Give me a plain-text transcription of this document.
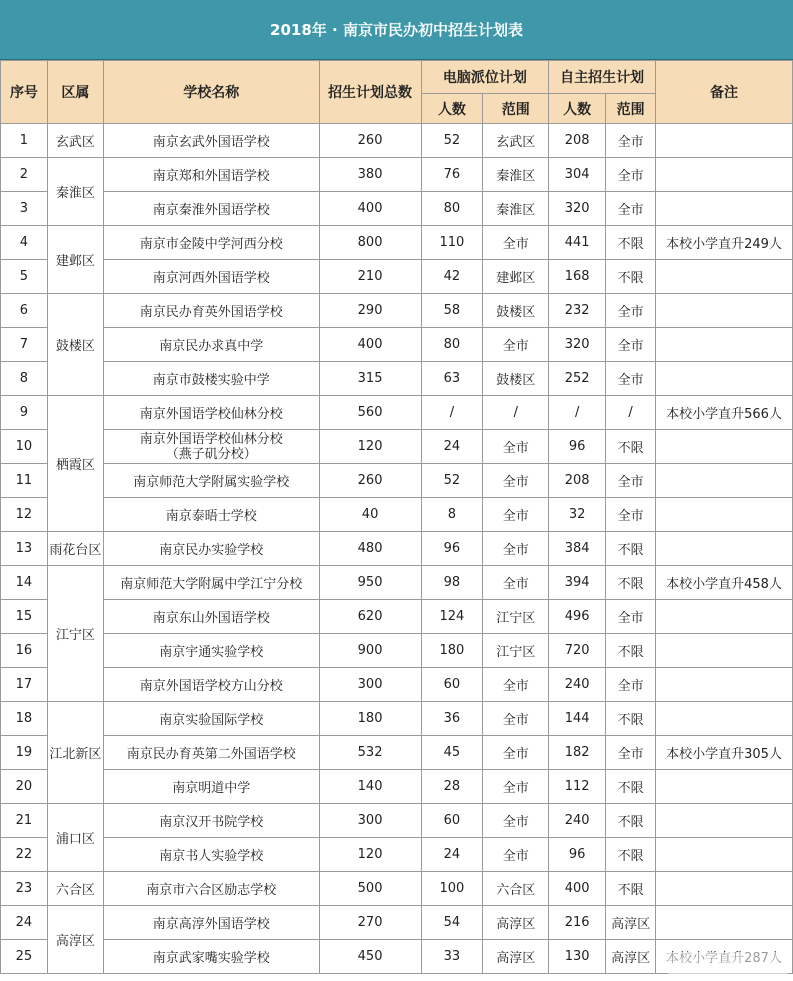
2018年 · 南京市民办初中招生计划表
序号	区属	学校名称	招生计划总数	电脑派位计划		自主招生计划		备注
				人数	范围	人数	范围	
1	玄武区	南京玄武外国语学校	260	52	玄武区	208	全市	
2	秦淮区	南京郑和外国语学校	380	76	秦淮区	304	全市	
3		南京秦淮外国语学校	400	80	秦淮区	320	全市	
4	建邺区	南京市金陵中学河西分校	800	110	全市	441	不限	本校小学直升249人
5		南京河西外国语学校	210	42	建邺区	168	不限	
6	鼓楼区	南京民办育英外国语学校	290	58	鼓楼区	232	全市	
7		南京民办求真中学	400	80	全市	320	全市	
8		南京市鼓楼实验中学	315	63	鼓楼区	252	全市	
9	栖霞区	南京外国语学校仙林分校	560	/	/	/	/	本校小学直升566人
10		南京外国语学校仙林分校
（燕子矶分校）	120	24	全市	96	不限	
11		南京师范大学附属实验学校	260	52	全市	208	全市	
12		南京泰晤士学校	40	8	全市	32	全市	
13	雨花台区	南京民办实验学校	480	96	全市	384	不限	
14	江宁区	南京师范大学附属中学江宁分校	950	98	全市	394	不限	本校小学直升458人
15		南京东山外国语学校	620	124	江宁区	496	全市	
16		南京宇通实验学校	900	180	江宁区	720	不限	
17		南京外国语学校方山分校	300	60	全市	240	全市	
18	江北新区	南京实验国际学校	180	36	全市	144	不限	
19		南京民办育英第二外国语学校	532	45	全市	182	全市	本校小学直升305人
20		南京明道中学	140	28	全市	112	不限	
21	浦口区	南京汉开书院学校	300	60	全市	240	不限	
22		南京书人实验学校	120	24	全市	96	不限	
23	六合区	南京市六合区励志学校	500	100	六合区	400	不限	
24	高淳区	南京高淳外国语学校	270	54	高淳区	216	高淳区	
25		南京武家嘴实验学校	450	33	高淳区	130	高淳区	
